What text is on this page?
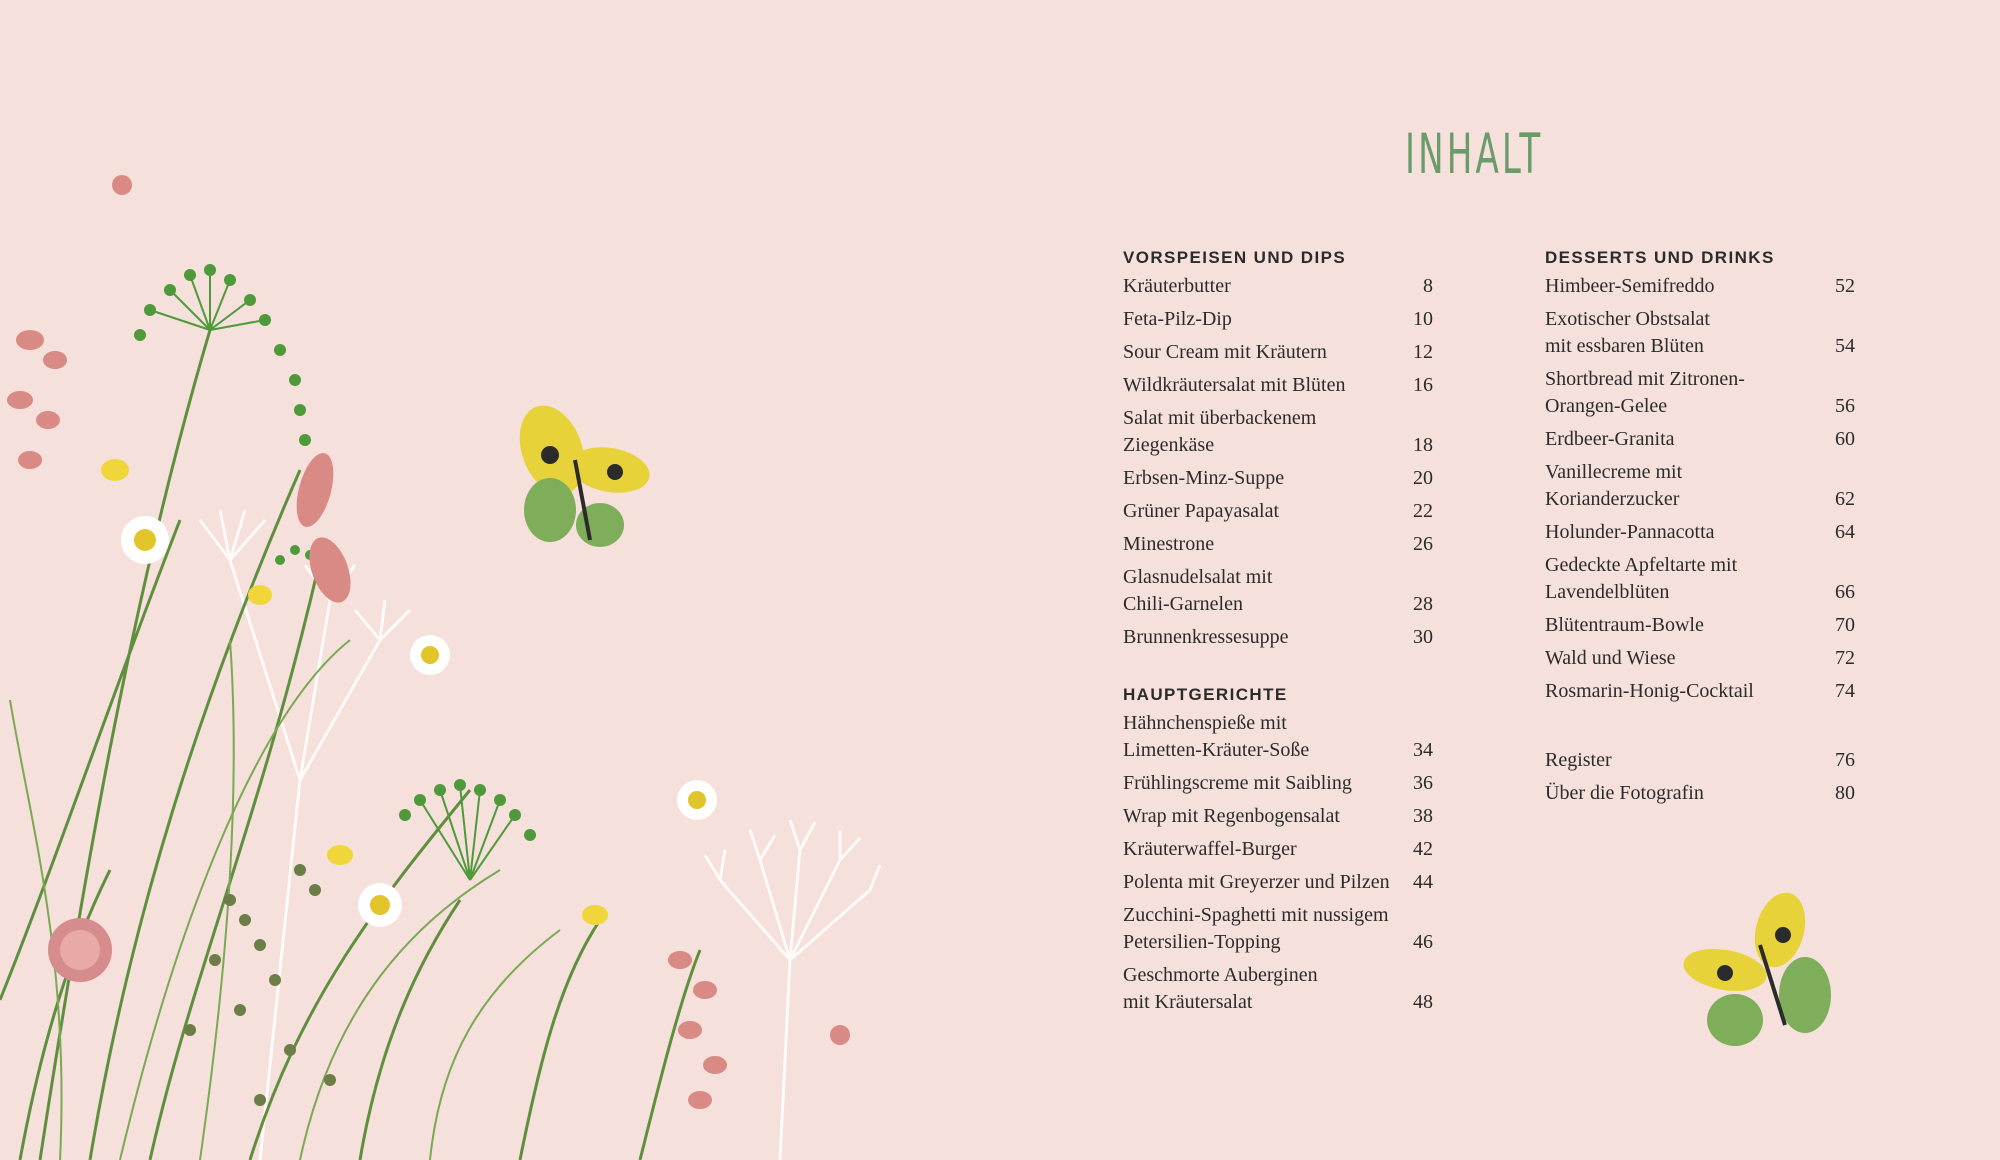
INHALT
VORSPEISEN UND DIPS
Kräuterbutter	8
Feta-Pilz-Dip	10
Sour Cream mit Kräutern	12
Wildkräutersalat mit Blüten	16
Salat mit überbackenem
Ziegenkäse	18
Erbsen-Minz-Suppe	20
Grüner Papayasalat	22
Minestrone	26
Glasnudelsalat mit
Chili-Garnelen	28
Brunnenkressesuppe	30
HAUPTGERICHTE
Hähnchenspieße mit
Limetten-Kräuter-Soße	34
Frühlingscreme mit Saibling	36
Wrap mit Regenbogensalat	38
Kräuterwaffel-Burger	42
Polenta mit Greyerzer und Pilzen	44
Zucchini-Spaghetti mit nussigem
Petersilien-Topping	46
Geschmorte Auberginen
mit Kräutersalat	48
DESSERTS UND DRINKS
Himbeer-Semifreddo	52
Exotischer Obstsalat
mit essbaren Blüten	54
Shortbread mit Zitronen-
Orangen-Gelee	56
Erdbeer-Granita	60
Vanillecreme mit
Korianderzucker	62
Holunder-Pannacotta	64
Gedeckte Apfeltarte mit
Lavendelblüten	66
Blütentraum-Bowle	70
Wald und Wiese	72
Rosmarin-Honig-Cocktail	74
Register	76
Über die Fotografin	80
